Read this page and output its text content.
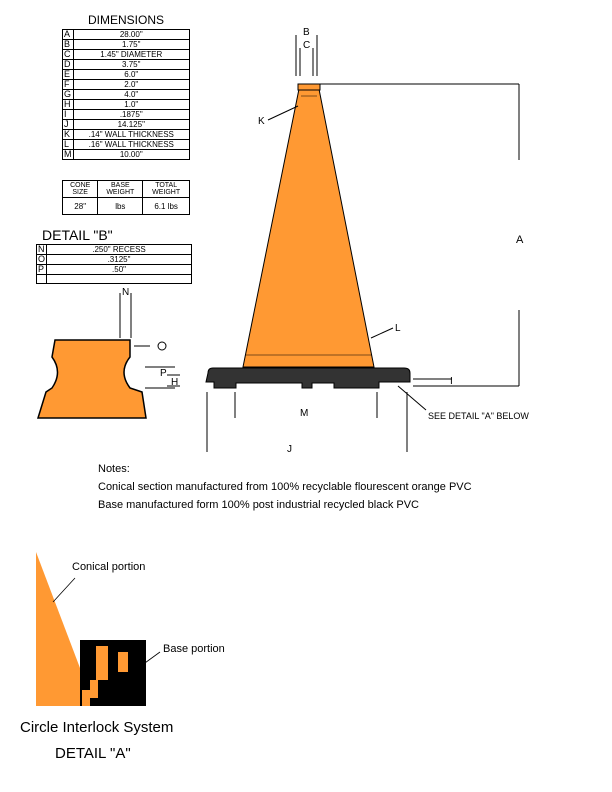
DIMENSIONS
A	28.00"
B	1.75"
C	1.45" DIAMETER
D	3.75"
E	6.0"
F	2.0"
G	4.0"
H	1.0"
I	.1875"
J	14.125"
K	.14" WALL THICKNESS
L	.16" WALL THICKNESS
M	10.00"
CONE SIZE	BASE WEIGHT	TOTAL WEIGHT
28"	lbs	6.1 lbs
DETAIL "B"
N	.250" RECESS
O	.3125"
P	.50"

N
P
H
B
C
K
A
L
I
SEE DETAIL "A" BELOW
M
J
Notes:
Conical section manufactured from 100% recyclable flourescent orange PVC
Base manufactured form 100% post industrial recycled black PVC
Conical portion
Base portion
Circle Interlock System
DETAIL "A"
